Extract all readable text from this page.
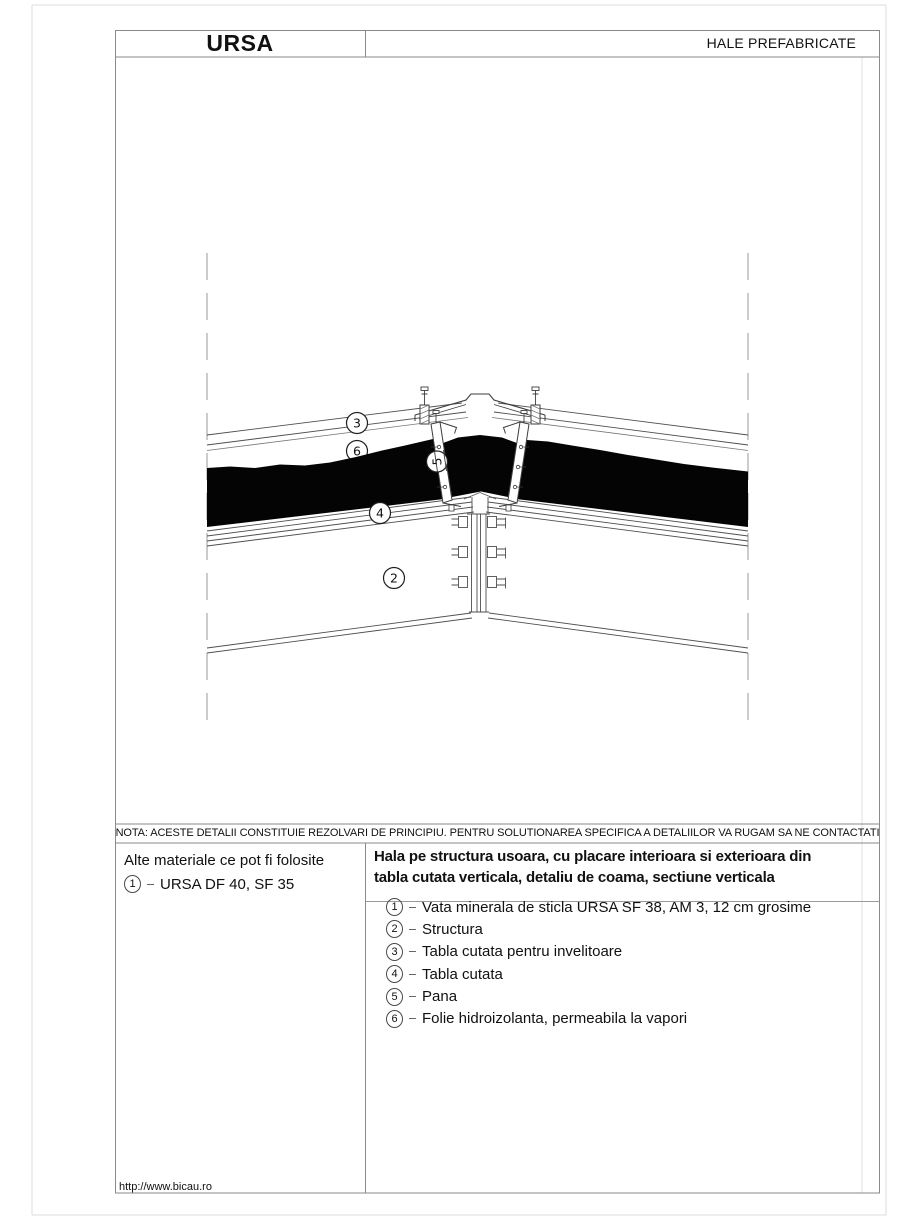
6
3
5
4
2
URSA	HALE PREFABRICATE
NOTA: ACESTE DETALII CONSTITUIE REZOLVARI DE PRINCIPIU. PENTRU SOLUTIONAREA SPECIFICA A DETALIILOR VA RUGAM SA NE CONTACTATI
Alte materiale ce pot fi folosite
1	URSA DF 40, SF 35
Hala pe structura usoara, cu placare interioara si exterioara din
tabla cutata verticala, detaliu de coama, sectiune verticala
1	Vata minerala de sticla URSA SF 38, AM 3, 12 cm grosime
2	Structura
3	Tabla cutata pentru invelitoare
4	Tabla cutata
5	Pana
6	Folie hidroizolanta, permeabila la vapori
http://www.bicau.ro
